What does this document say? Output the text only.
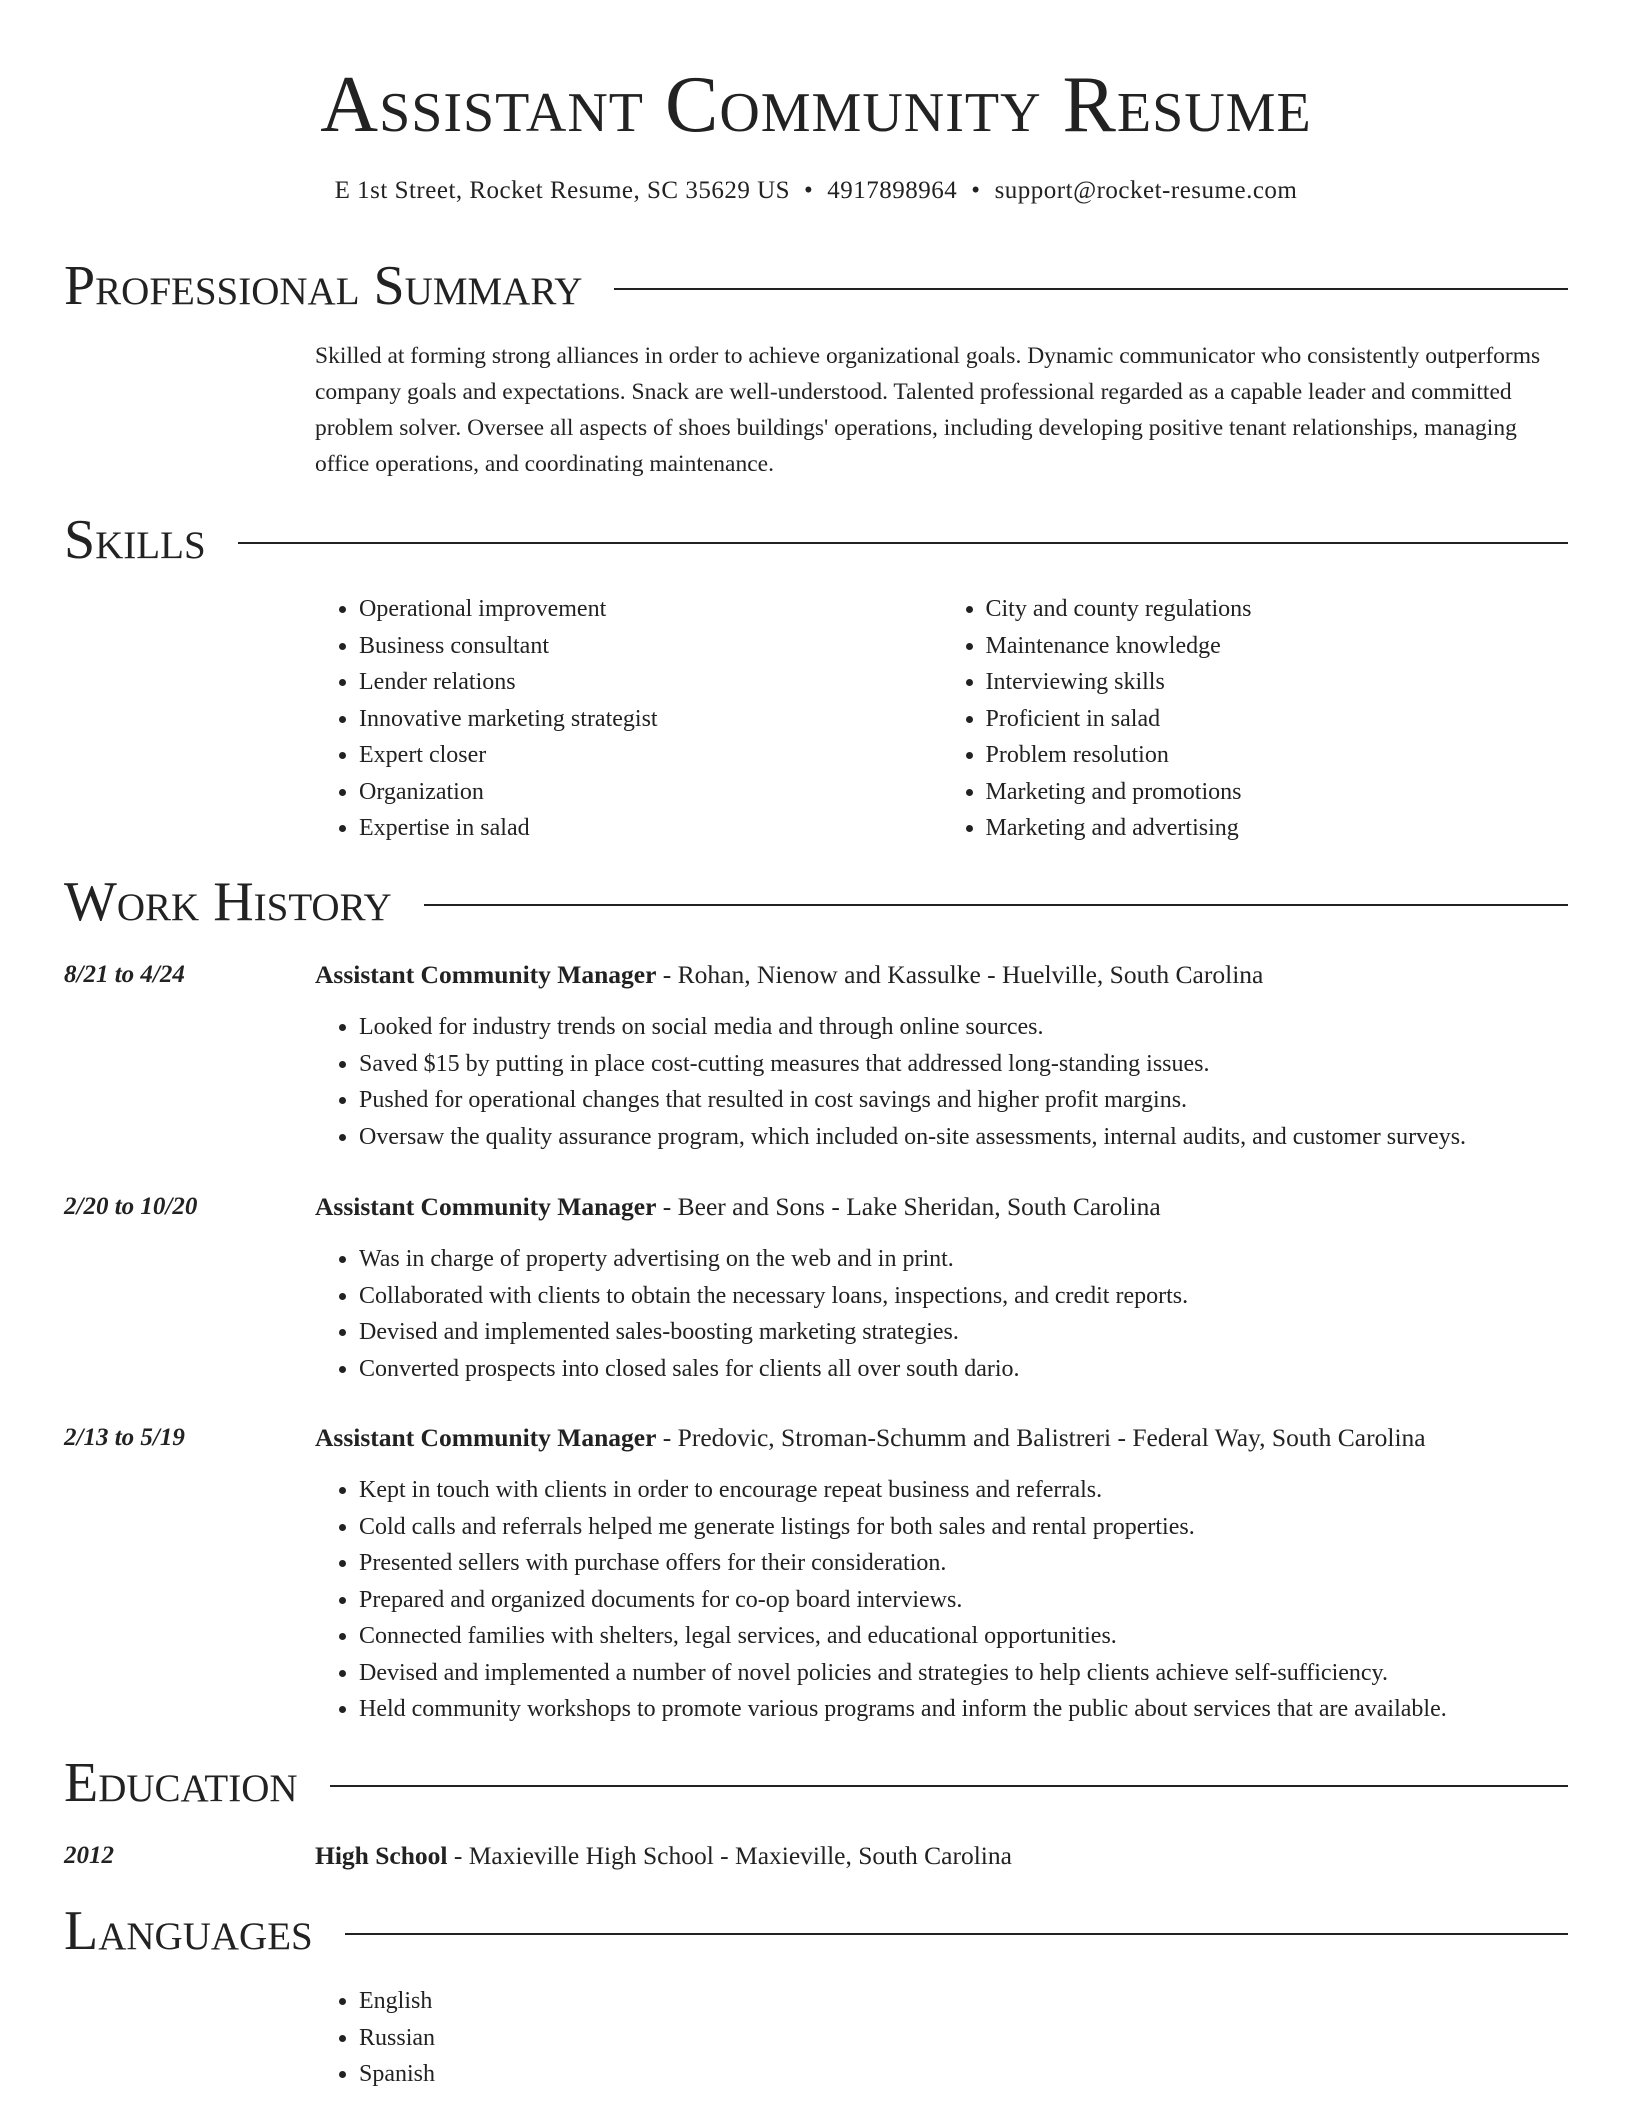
Assistant Community Resume
E 1st Street, Rocket Resume, SC 35629 US • 4917898964 • support@rocket-resume.com
Professional Summary
Skilled at forming strong alliances in order to achieve organizational goals. Dynamic communicator who consistently outperforms company goals and expectations. Snack are well-understood. Talented professional regarded as a capable leader and committed problem solver. Oversee all aspects of shoes buildings' operations, including developing positive tenant relationships, managing office operations, and coordinating maintenance.
Skills
• Operational improvement
• Business consultant
• Lender relations
• Innovative marketing strategist
• Expert closer
• Organization
• Expertise in salad
• City and county regulations
• Maintenance knowledge
• Interviewing skills
• Proficient in salad
• Problem resolution
• Marketing and promotions
• Marketing and advertising
Work History
8/21 to 4/24	Assistant Community Manager - Rohan, Nienow and Kassulke - Huelville, South Carolina
• Looked for industry trends on social media and through online sources.
• Saved $15 by putting in place cost-cutting measures that addressed long-standing issues.
• Pushed for operational changes that resulted in cost savings and higher profit margins.
• Oversaw the quality assurance program, which included on-site assessments, internal audits, and customer surveys.
2/20 to 10/20	Assistant Community Manager - Beer and Sons - Lake Sheridan, South Carolina
• Was in charge of property advertising on the web and in print.
• Collaborated with clients to obtain the necessary loans, inspections, and credit reports.
• Devised and implemented sales-boosting marketing strategies.
• Converted prospects into closed sales for clients all over south dario.
2/13 to 5/19	Assistant Community Manager - Predovic, Stroman-Schumm and Balistreri - Federal Way, South Carolina
• Kept in touch with clients in order to encourage repeat business and referrals.
• Cold calls and referrals helped me generate listings for both sales and rental properties.
• Presented sellers with purchase offers for their consideration.
• Prepared and organized documents for co-op board interviews.
• Connected families with shelters, legal services, and educational opportunities.
• Devised and implemented a number of novel policies and strategies to help clients achieve self-sufficiency.
• Held community workshops to promote various programs and inform the public about services that are available.
Education
2012	High School - Maxieville High School - Maxieville, South Carolina
Languages
• English
• Russian
• Spanish
